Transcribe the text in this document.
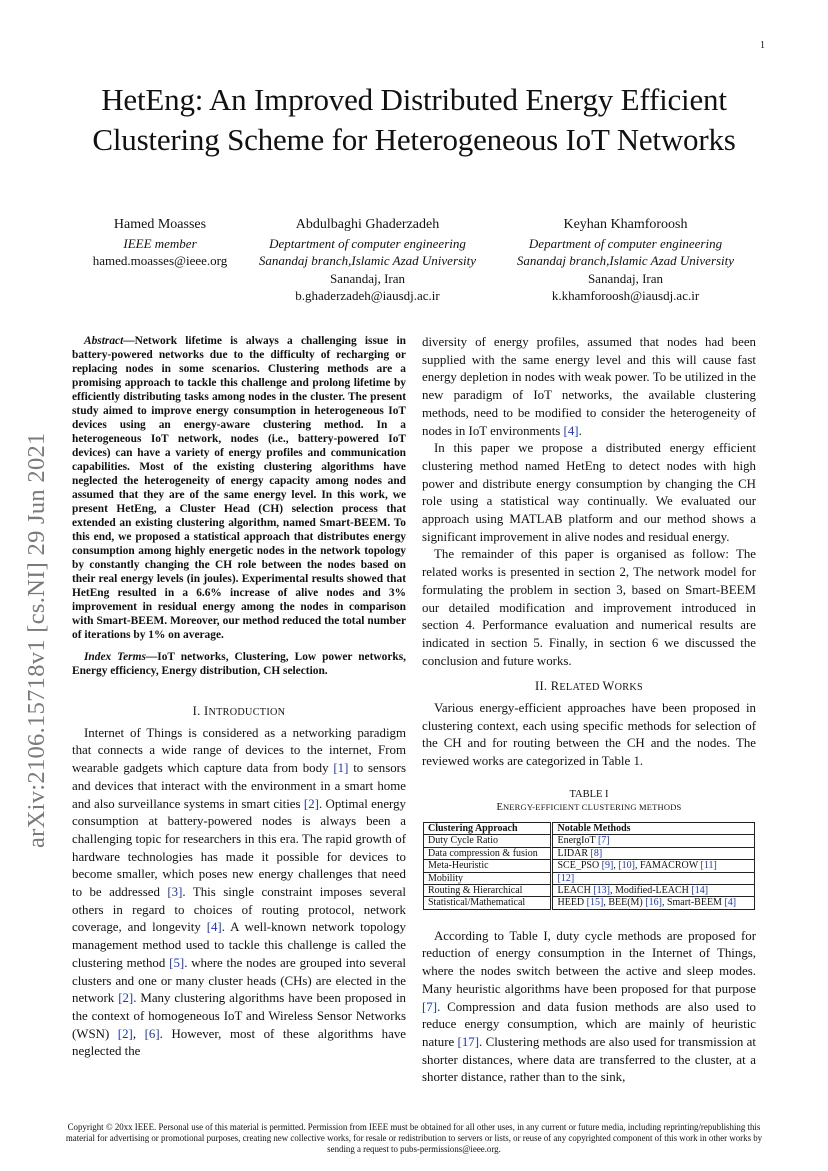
1
arXiv:2106.15718v1 [cs.NI] 29 Jun 2021
HetEng: An Improved Distributed Energy Efficient Clustering Scheme for Heterogeneous IoT Networks
Hamed Moasses
IEEE member
hamed.moasses@ieee.org
Abdulbaghi Ghaderzadeh
Deptartment of computer engineering
Sanandaj branch,Islamic Azad University
Sanandaj, Iran
b.ghaderzadeh@iausdj.ac.ir
Keyhan Khamforoosh
Department of computer engineering
Sanandaj branch,Islamic Azad University
Sanandaj, Iran
k.khamforoosh@iausdj.ac.ir

Abstract—Network lifetime is always a challenging issue in battery-powered networks due to the difficulty of recharging or replacing nodes in some scenarios. Clustering methods are a promising approach to tackle this challenge and prolong lifetime by efficiently distributing tasks among nodes in the cluster. The present study aimed to improve energy consumption in heterogeneous IoT devices using an energy-aware clustering method. In a heterogeneous IoT network, nodes (i.e., battery-powered IoT devices) can have a variety of energy profiles and communication capabilities. Most of the existing clustering algorithms have neglected the heterogeneity of energy capacity among nodes and assumed that they are of the same energy level. In this work, we present HetEng, a Cluster Head (CH) selection process that extended an existing clustering algorithm, named Smart-BEEM. To this end, we proposed a statistical approach that distributes energy consumption among highly energetic nodes in the network topology by constantly changing the CH role between the nodes based on their real energy levels (in joules). Experimental results showed that HetEng resulted in a 6.6% increase of alive nodes and 3% improvement in residual energy among the nodes in comparison with Smart-BEEM. Moreover, our method reduced the total number of iterations by 1% on average.

Index Terms—IoT networks, Clustering, Low power networks, Energy efficiency, Energy distribution, CH selection.

I. INTRODUCTION

Internet of Things is considered as a networking paradigm that connects a wide range of devices to the internet, From wearable gadgets which capture data from body [1] to sensors and devices that interact with the environment in a smart home and also surveillance systems in smart cities [2]. Optimal energy consumption at battery-powered nodes is always been a challenging topic for researchers in this era. The rapid growth of hardware technologies has made it possible for devices to become smaller, which poses new energy challenges that need to be addressed [3]. This single constraint imposes several others in regard to choices of routing protocol, network coverage, and longevity [4]. A well-known network topology management method used to tackle this challenge is called the clustering method [5]. where the nodes are grouped into several clusters and one or many cluster heads (CHs) are elected in the network [2]. Many clustering algorithms have been proposed in the context of homogeneous IoT and Wireless Sensor Networks (WSN) [2], [6]. However, most of these algorithms have neglected the

diversity of energy profiles, assumed that nodes had been supplied with the same energy level and this will cause fast energy depletion in nodes with weak power. To be utilized in the new paradigm of IoT networks, the available clustering methods, need to be modified to consider the heterogeneity of nodes in IoT environments [4].

In this paper we propose a distributed energy efficient clustering method named HetEng to detect nodes with high power and distribute energy consumption by changing the CH role using a statistical way continually. We evaluated our approach using MATLAB platform and our method shows a significant improvement in alive nodes and residual energy.

The remainder of this paper is organised as follow: The related works is presented in section 2, The network model for formulating the problem in section 3, based on Smart-BEEM our detailed modification and improvement introduced in section 4. Performance evaluation and numerical results are indicated in section 5. Finally, in section 6 we discussed the conclusion and future works.

II. RELATED WORKS

Various energy-efficient approaches have been proposed in clustering context, each using specific methods for selection of the CH and for routing between the CH and the nodes. The reviewed works are categorized in Table 1.

TABLE I

ENERGY-EFFICIENT CLUSTERING METHODS

Clustering Approach	Notable Methods
Duty Cycle Ratio	EnergIoT [7]
Data compression & fusion	LIDAR [8]
Meta-Heuristic	SCE_PSO [9], [10], FAMACROW [11]
Mobility	[12]
Routing & Hierarchical	LEACH [13], Modified-LEACH [14]
Statistical/Mathematical	HEED [15], BEE(M) [16], Smart-BEEM [4]

According to Table I, duty cycle methods are proposed for reduction of energy consumption in the Internet of Things, where the nodes switch between the active and sleep modes. Many heuristic algorithms have been proposed for that purpose [7]. Compression and data fusion methods are also used to reduce energy consumption, which are mainly of heuristic nature [17]. Clustering methods are also used for transmission at shorter distances, where data are transferred to the cluster, at a shorter distance, rather than to the sink,

Copyright © 20xx IEEE. Personal use of this material is permitted. Permission from IEEE must be obtained for all other uses, in any current or future media, including reprinting/republishing this material for advertising or promotional purposes, creating new collective works, for resale or redistribution to servers or lists, or reuse of any copyrighted component of this work in other works by sending a request to pubs-permissions@ieee.org.
